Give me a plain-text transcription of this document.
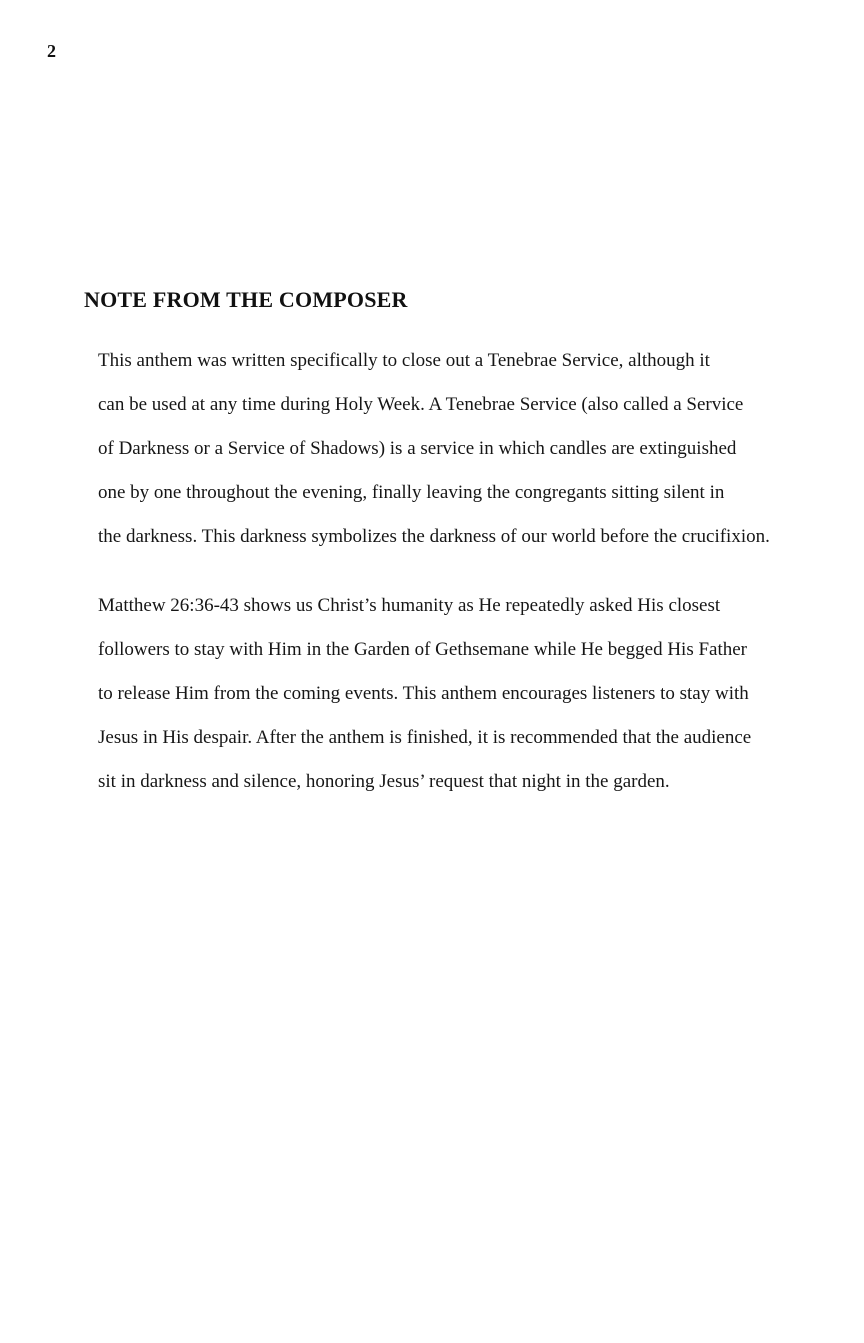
2
NOTE FROM THE COMPOSER
This anthem was written specifically to close out a Tenebrae Service, although it
can be used at any time during Holy Week. A Tenebrae Service (also called a Service
of Darkness or a Service of Shadows) is a service in which candles are extinguished
one by one throughout the evening, finally leaving the congregants sitting silent in
the darkness. This darkness symbolizes the darkness of our world before the crucifixion.
Matthew 26:36-43 shows us Christ’s humanity as He repeatedly asked His closest
followers to stay with Him in the Garden of Gethsemane while He begged His Father
to release Him from the coming events. This anthem encourages listeners to stay with
Jesus in His despair. After the anthem is finished, it is recommended that the audience
sit in darkness and silence, honoring Jesus’ request that night in the garden.
